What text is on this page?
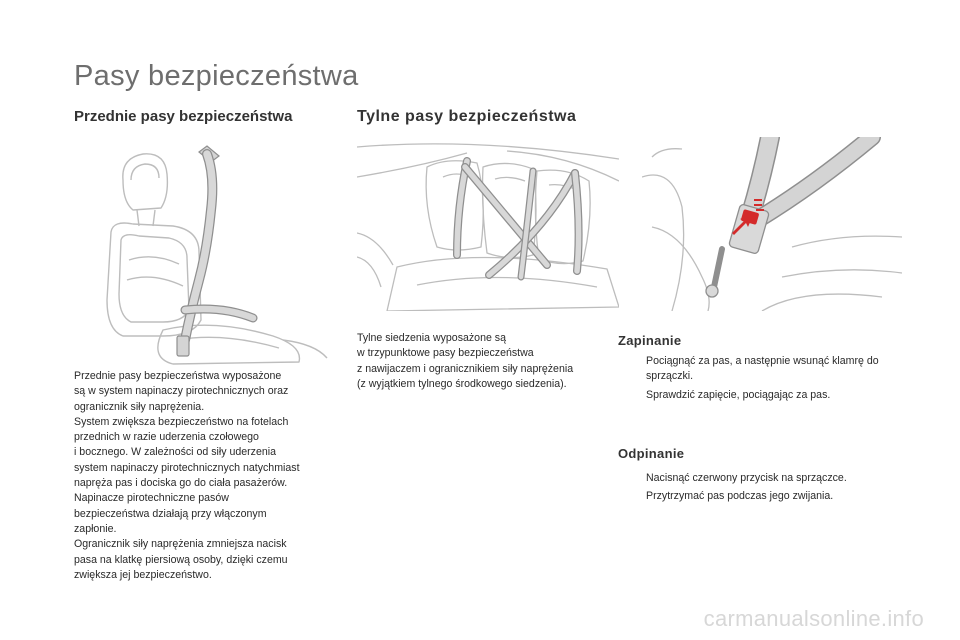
Pasy bezpieczeństwa
Przednie pasy bezpieczeństwa	Tylne pasy bezpieczeństwa

Przednie pasy bezpieczeństwa wyposażone
są w system napinaczy pirotechnicznych oraz
ogranicznik siły naprężenia.
System zwiększa bezpieczeństwo na fotelach
przednich w razie uderzenia czołowego
i bocznego. W zależności od siły uderzenia
system napinaczy pirotechnicznych natychmiast
napręża pas i dociska go do ciała pasażerów.
Napinacze pirotechniczne pasów
bezpieczeństwa działają przy włączonym
zapłonie.
Ogranicznik siły naprężenia zmniejsza nacisk
pasa na klatkę piersiową osoby, dzięki czemu
zwiększa jej bezpieczeństwo.

Tylne siedzenia wyposażone są
w trzypunktowe pasy bezpieczeństwa
z nawijaczem i ogranicznikiem siły naprężenia
(z wyjątkiem tylnego środkowego siedzenia).

Zapinanie
Pociągnąć za pas, a następnie wsunąć klamrę do sprzączki.
Sprawdzić zapięcie, pociągając za pas.
Odpinanie
Nacisnąć czerwony przycisk na sprzączce.
Przytrzymać pas podczas jego zwijania.
carmanualsonline.info
